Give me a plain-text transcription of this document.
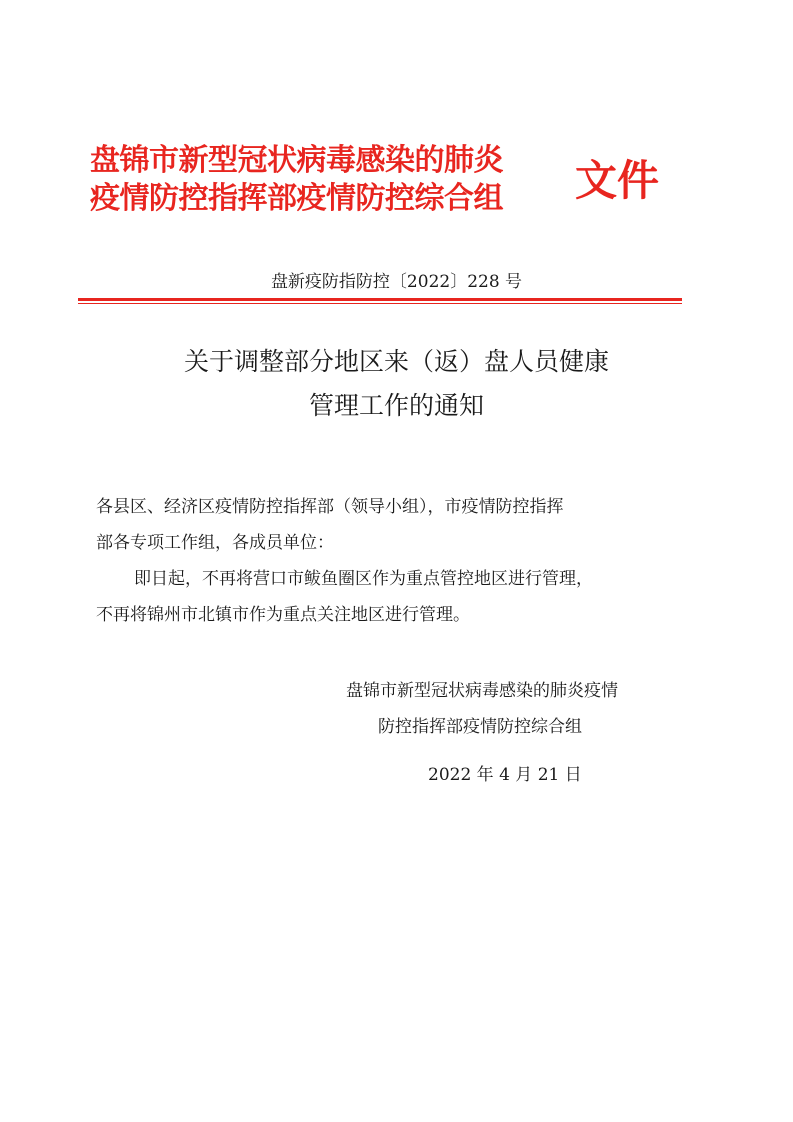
盘锦市新型冠状病毒感染的肺炎
疫情防控指挥部疫情防控综合组	文件
盘新疫防指防控〔2022〕228 号
关于调整部分地区来（返）盘人员健康
管理工作的通知
各县区、经济区疫情防控指挥部（领导小组），市疫情防控指挥
部各专项工作组，各成员单位：
即日起，不再将营口市鲅鱼圈区作为重点管控地区进行管理，
不再将锦州市北镇市作为重点关注地区进行管理。
盘锦市新型冠状病毒感染的肺炎疫情
防控指挥部疫情防控综合组
2022 年 4 月 21 日
